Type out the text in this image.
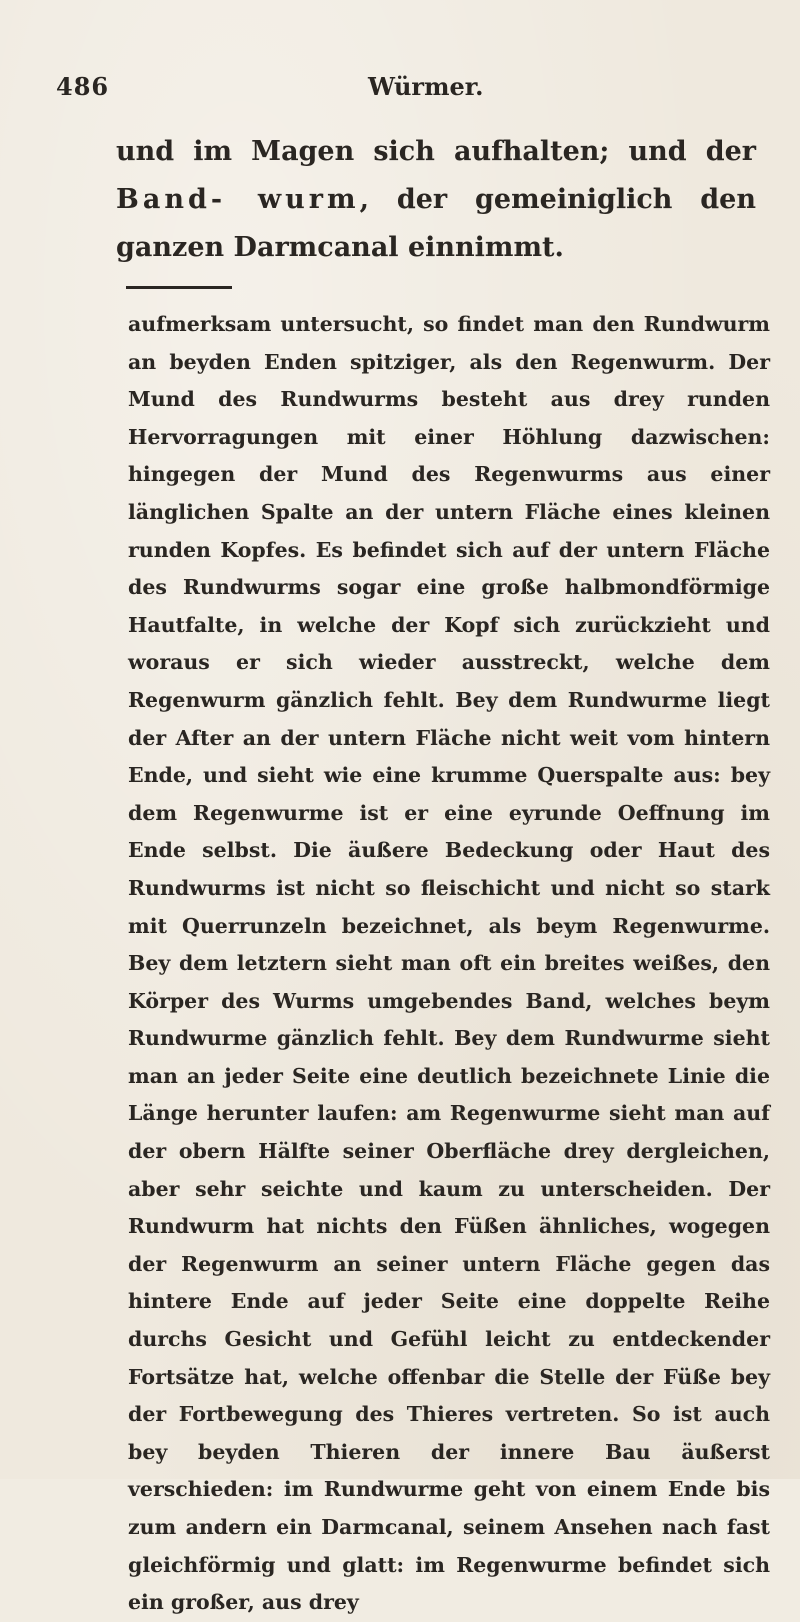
486	Würmer.

und im Magen sich aufhalten; und der Band- wurm, der gemeiniglich den ganzen Darmcanal einnimmt.

aufmerksam untersucht, so findet man den Rundwurm an beyden Enden spitziger, als den Regenwurm. Der Mund des Rundwurms besteht aus drey runden Hervorragungen mit einer Höhlung dazwischen: hingegen der Mund des Regenwurms aus einer länglichen Spalte an der untern Fläche eines kleinen runden Kopfes. Es befindet sich auf der untern Fläche des Rundwurms sogar eine große halbmondförmige Hautfalte, in welche der Kopf sich zurückzieht und woraus er sich wieder ausstreckt, welche dem Regenwurm gänzlich fehlt. Bey dem Rundwurme liegt der After an der untern Fläche nicht weit vom hintern Ende, und sieht wie eine krumme Querspalte aus: bey dem Regenwurme ist er eine eyrunde Oeffnung im Ende selbst. Die äußere Bedeckung oder Haut des Rundwurms ist nicht so fleischicht und nicht so stark mit Querrunzeln bezeichnet, als beym Regenwurme. Bey dem letztern sieht man oft ein breites weißes, den Körper des Wurms umgebendes Band, welches beym Rundwurme gänzlich fehlt. Bey dem Rundwurme sieht man an jeder Seite eine deutlich bezeichnete Linie die Länge herunter laufen: am Regenwurme sieht man auf der obern Hälfte seiner Oberfläche drey dergleichen, aber sehr seichte und kaum zu unterscheiden. Der Rundwurm hat nichts den Füßen ähnliches, wogegen der Regenwurm an seiner untern Fläche gegen das hintere Ende auf jeder Seite eine doppelte Reihe durchs Gesicht und Gefühl leicht zu entdeckender Fortsätze hat, welche offenbar die Stelle der Füße bey der Fortbewegung des Thieres vertreten. So ist auch bey beyden Thieren der innere Bau äußerst verschieden: im Rundwurme geht von einem Ende bis zum andern ein Darmcanal, seinem Ansehen nach fast gleichförmig und glatt: im Regenwurme befindet sich ein großer, aus drey
